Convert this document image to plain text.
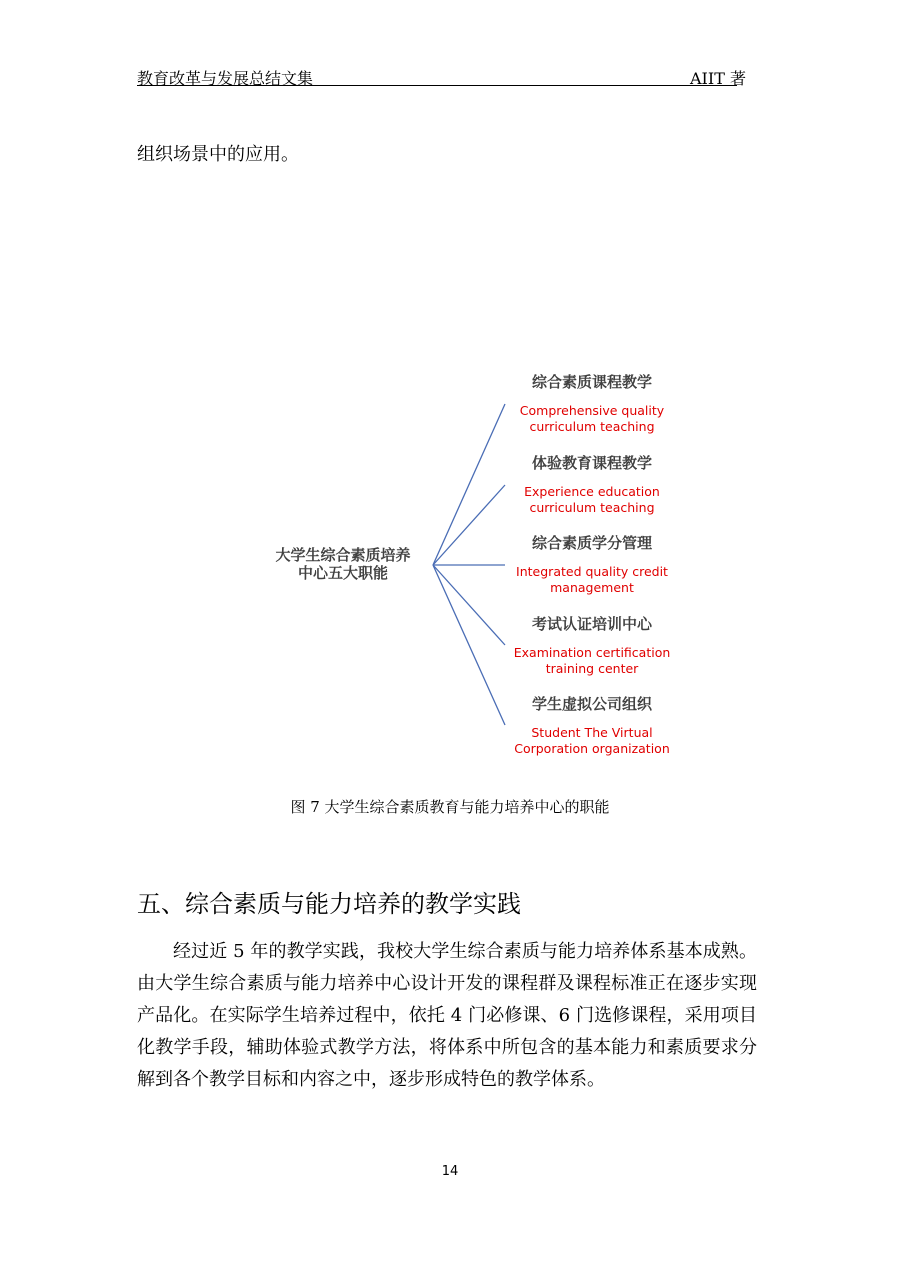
教育改革与发展总结文集	AIIT 著
组织场景中的应用。
大学生综合素质培养
中心五大职能
综合素质课程教学
Comprehensive quality
curriculum teaching
体验教育课程教学
Experience education
curriculum teaching
综合素质学分管理
Integrated quality credit
management
考试认证培训中心
Examination certification
training center
学生虚拟公司组织
Student The Virtual
Corporation organization
图 7 大学生综合素质教育与能力培养中心的职能
五、综合素质与能力培养的教学实践
经过近 5 年的教学实践，我校大学生综合素质与能力培养体系基本成熟。由大学生综合素质与能力培养中心设计开发的课程群及课程标准正在逐步实现产品化。在实际学生培养过程中，依托 4 门必修课、6 门选修课程，采用项目化教学手段，辅助体验式教学方法，将体系中所包含的基本能力和素质要求分解到各个教学目标和内容之中，逐步形成特色的教学体系。
14
